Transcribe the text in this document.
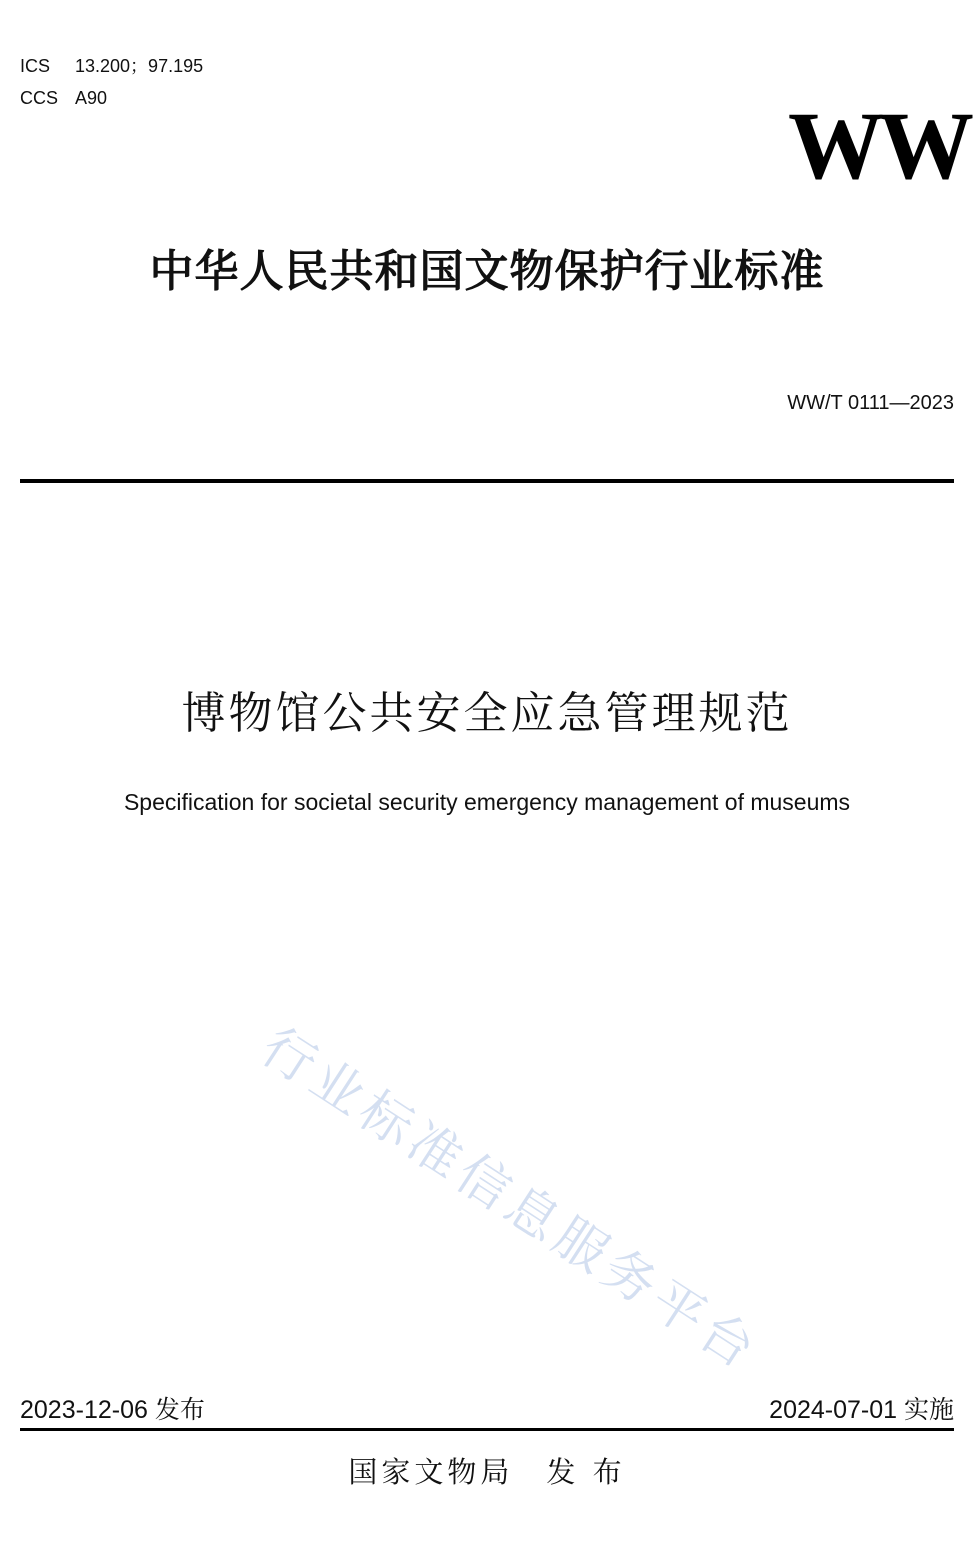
ICS 13.200；97.195
CCS A90	WW
中华人民共和国文物保护行业标准
WW/T 0111—2023
博物馆公共安全应急管理规范
Specification for societal security emergency management of museums
行业标准信息服务平台
2023-12-06 发布	2024-07-01 实施
国家文物局　发 布
